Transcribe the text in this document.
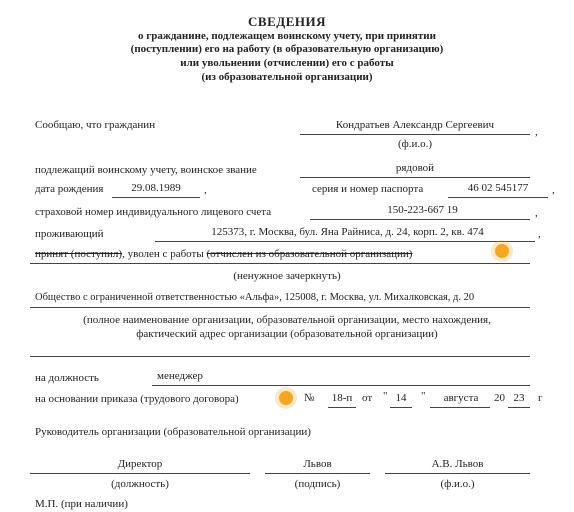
СВЕДЕНИЯ
о гражданине, подлежащем воинскому учету, при принятии
(поступлении) его на работу (в образовательную организацию)
или увольнении (отчислении) его с работы
(из образовательной организации)
Сообщаю, что гражданин	Кондратьев Александр Сергеевич
,
(ф.и.о.)
подлежащий воинскому учету, воинское звание	рядовой
дата рождения	29.08.1989	,	серия и номер паспорта	46 02 545177	,
страховой номер индивидуального лицевого счета	150-223-667 19	,
проживающий	125373, г. Москва, бул. Яна Райниса, д. 24, корп. 2, кв. 474	,
принят (поступил), уволен с работы (отчислен из образовательной организации)
(ненужное зачеркнуть)
Общество с ограниченной ответственностью «Альфа», 125008, г. Москва, ул. Михалковская, д. 20
(полное наименование организации, образовательной организации, место нахождения,
фактический адрес организации (образовательной организации)
на должность	менеджер
на основании приказа (трудового договора)	№	18-п от " 14	"	августа	20 23	г
Руководитель организации (образовательной организации)
Директор	Львов	А.В. Львов
(должность)	(подпись)	(ф.и.о.)
М.П. (при наличии)
